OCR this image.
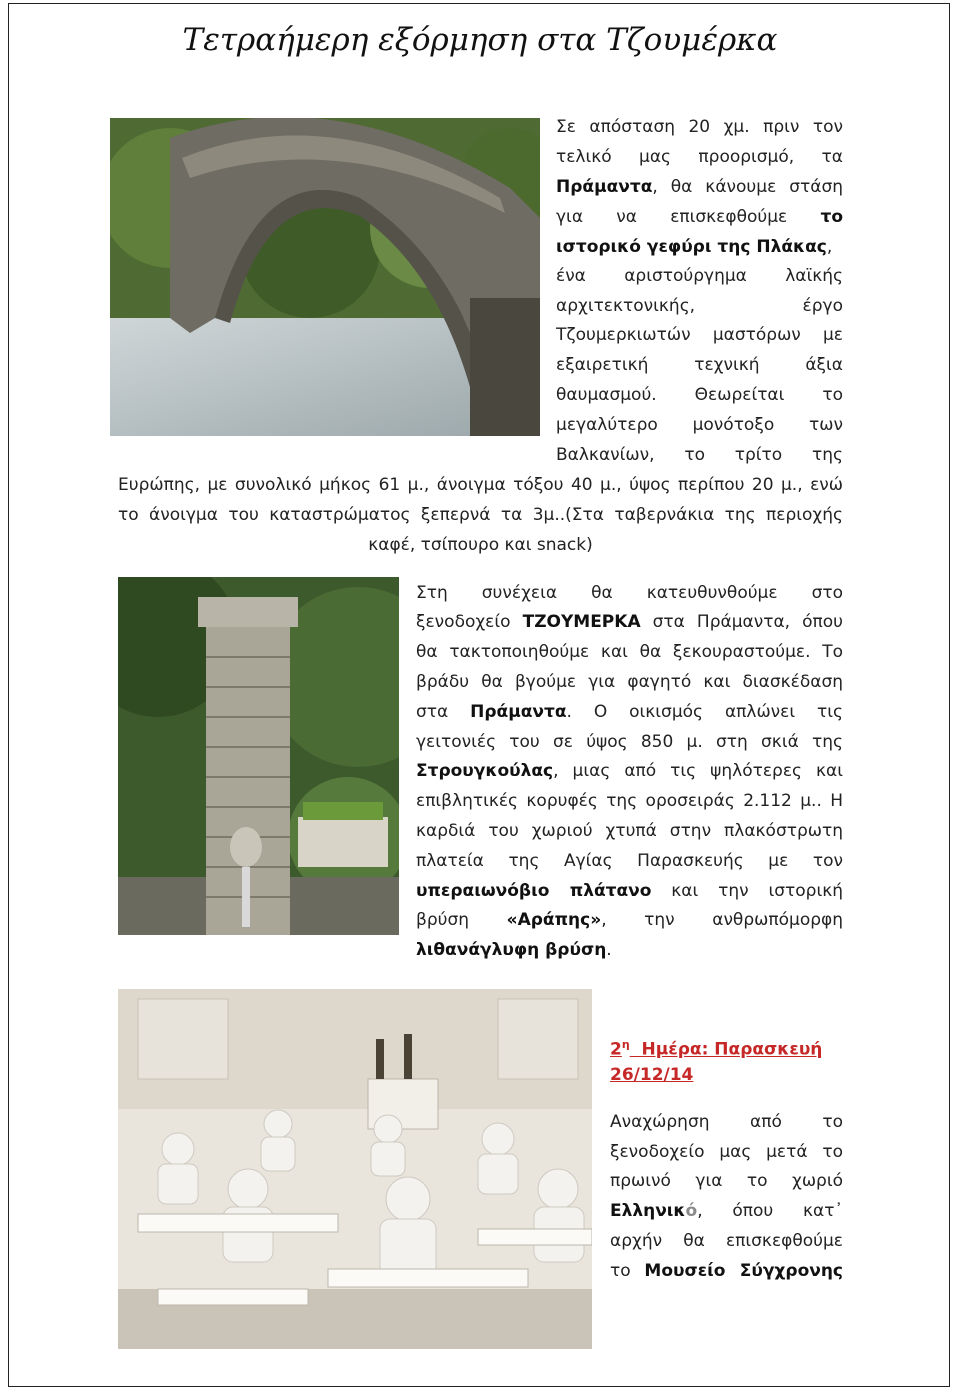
Τετραήμερη εξόρμηση στα Τζουμέρκα
Σε απόσταση 20 χμ. πριν τον
τελικό μας προορισμό, τα
Πράμαντα, θα κάνουμε στάση
για να επισκεφθούμε το
ιστορικό γεφύρι της Πλάκας,
ένα αριστούργημα λαϊκής
αρχιτεκτονικής, έργο
Τζουμερκιωτών μαστόρων με
εξαιρετική τεχνική άξια
θαυμασμού. Θεωρείται το
μεγαλύτερο μονότοξο των
Βαλκανίων, το τρίτο της
Ευρώπης, με συνολικό μήκος 61 μ., άνοιγμα τόξου 40 μ., ύψος περίπου 20 μ., ενώ
το άνοιγμα του καταστρώματος ξεπερνά τα 3μ..(Στα ταβερνάκια της περιοχής
καφέ, τσίπουρο και snack)
Στη συνέχεια θα κατευθυνθούμε στο
ξενοδοχείο ΤΖΟΥΜΕΡΚΑ στα Πράμαντα, όπου
θα τακτοποιηθούμε και θα ξεκουραστούμε. Το
βράδυ θα βγούμε για φαγητό και διασκέδαση
στα Πράμαντα. Ο οικισμός απλώνει τις
γειτονιές του σε ύψος 850 μ. στη σκιά της
Στρουγκούλας, μιας από τις ψηλότερες και
επιβλητικές κορυφές της οροσειράς 2.112 μ.. Η
καρδιά του χωριού χτυπά στην πλακόστρωτη
πλατεία της Αγίας Παρασκευής με τον
υπεραιωνόβιο πλάτανο και την ιστορική
βρύση «Αράπης», την ανθρωπόμορφη
λιθανάγλυφη βρύση.
$2^\eta$ Ημέρα: Παρασκευή
26/12/14
Αναχώρηση από το
ξενοδοχείο μας μετά το
πρωινό για το χωριό
Ελληνικό, όπου κατ᾽
αρχήν θα επισκεφθούμε
το Μουσείο Σύγχρονης
